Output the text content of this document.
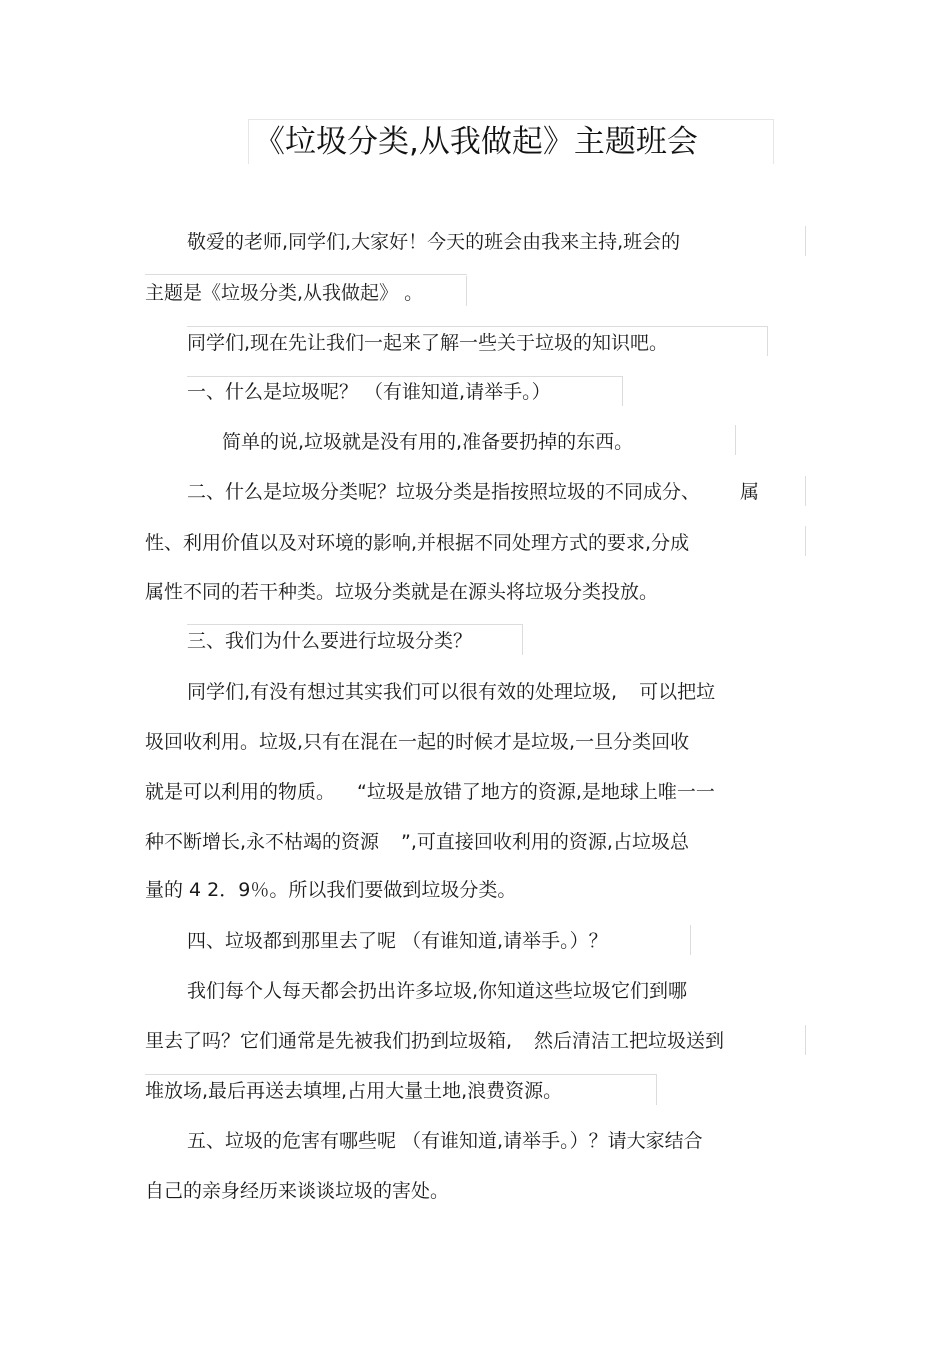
《垃圾分类,从我做起》主题班会
敬爱的老师,同学们,大家好！今天的班会由我来主持,班会的
主题是《垃圾分类,从我做起》 。
同学们,现在先让我们一起来了解一些关于垃圾的知识吧。
一、什么是垃圾呢？ （有谁知道,请举手。）
简单的说,垃圾就是没有用的,准备要扔掉的东西。
二、什么是垃圾分类呢？垃圾分类是指按照垃圾的不同成分、 属
性、利用价值以及对环境的影响,并根据不同处理方式的要求,分成
属性不同的若干种类。垃圾分类就是在源头将垃圾分类投放。
三、我们为什么要进行垃圾分类？
同学们,有没有想过其实我们可以很有效的处理垃圾, 可以把垃
圾回收利用。垃圾,只有在混在一起的时候才是垃圾,一旦分类回收
就是可以利用的物质。 “垃圾是放错了地方的资源,是地球上唯一一
种不断增长,永不枯竭的资源 ”,可直接回收利用的资源,占垃圾总
量的 4 2．9％。所以我们要做到垃圾分类。
四、垃圾都到那里去了呢 （有谁知道,请举手。）？
我们每个人每天都会扔出许多垃圾,你知道这些垃圾它们到哪
里去了吗？它们通常是先被我们扔到垃圾箱, 然后清洁工把垃圾送到
堆放场,最后再送去填埋,占用大量土地,浪费资源。
五、垃圾的危害有哪些呢 （有谁知道,请举手。）？请大家结合
自己的亲身经历来谈谈垃圾的害处。
